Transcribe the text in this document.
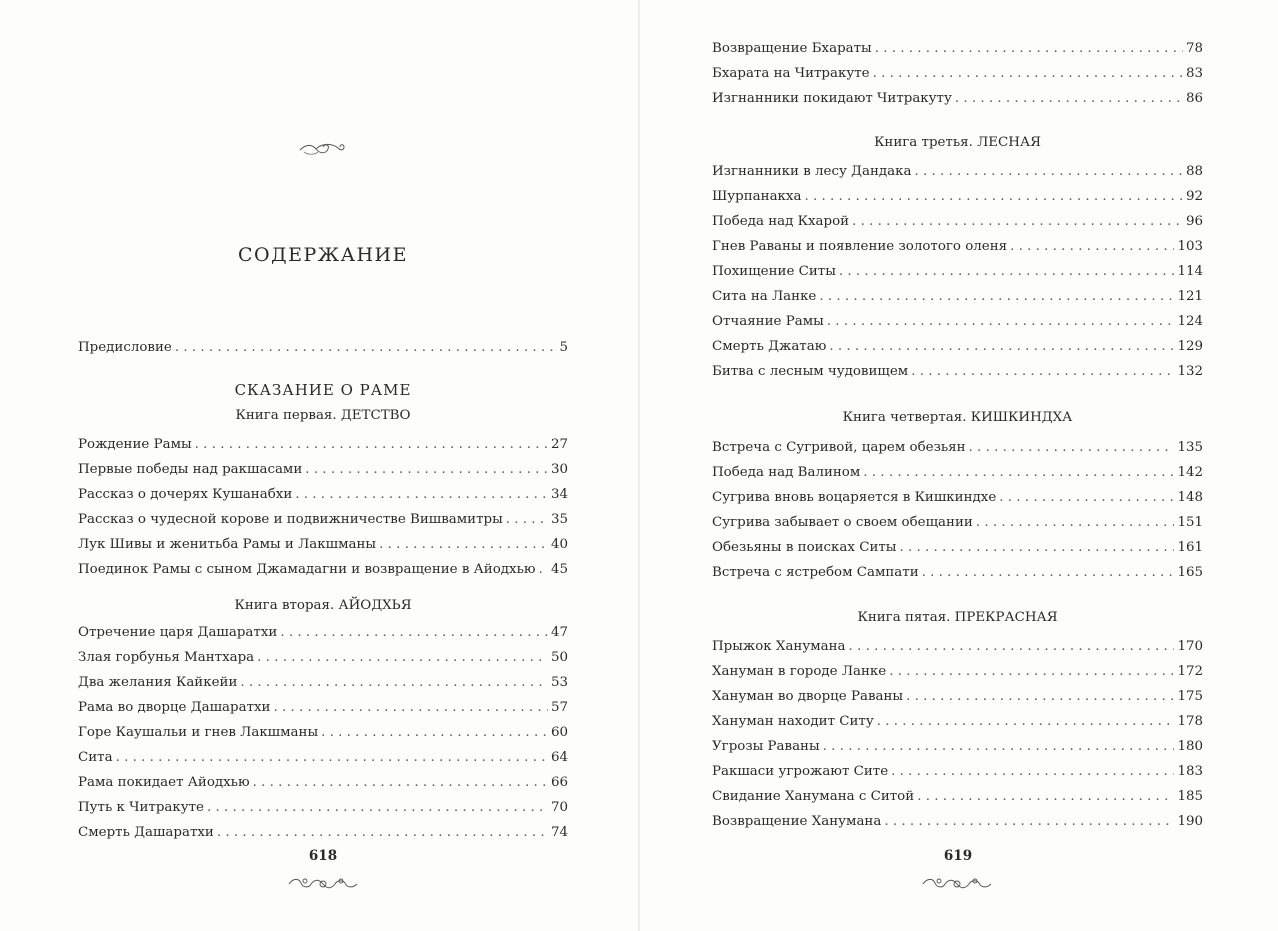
СОДЕРЖАНИЕ
Предисловие . . .	5
СКАЗАНИЕ О РАМЕ
Книга первая. ДЕТСТВО
Рождение Рамы . . .	27
Первые победы над ракшасами . . .	30
Рассказ о дочерях Кушанабхи . . .	34
Рассказ о чудесной корове и подвижничестве Вишвамитры . . .	35
Лук Шивы и женитьба Рамы и Лакшманы . . .	40
Поединок Рамы с сыном Джамадагни и возвращение в Айодхью . . . 45
Книга вторая. АЙОДХЬЯ
Отречение царя Дашаратхи . . .	47
Злая горбунья Мантхара . . .	50
Два желания Кайкейи . . .	53
Рама во дворце Дашаратхи . . .	57
Горе Каушальи и гнев Лакшманы . . .	60
Сита . . .	64
Рама покидает Айодхью . . .	66
Путь к Читракуте . . .	70
Смерть Дашаратхи . . .	74
618
Возвращение Бхараты . . .	78
Бхарата на Читракуте . . .	83
Изгнанники покидают Читракуту . . .	86
Книга третья. ЛЕСНАЯ
Изгнанники в лесу Дандака . . .	88
Шурпанакха . . .	92
Победа над Кхарой . . .	96
Гнев Раваны и появление золотого оленя . . .	103
Похищение Ситы . . .	114
Сита на Ланке . . .	121
Отчаяние Рамы . . .	124
Смерть Джатаю . . .	129
Битва с лесным чудовищем . . .	132
Книга четвертая. КИШКИНДХА
Встреча с Сугривой, царем обезьян . . .	135
Победа над Валином . . .	142
Сугрива вновь воцаряется в Кишкиндхе . . .	148
Сугрива забывает о своем обещании . . .	151
Обезьяны в поисках Ситы . . .	161
Встреча с ястребом Сампати . . .	165
Книга пятая. ПРЕКРАСНАЯ
Прыжок Ханумана . . .	170
Хануман в городе Ланке . . .	172
Хануман во дворце Раваны . . .	175
Хануман находит Ситу . . .	178
Угрозы Раваны . . .	180
Ракшаси угрожают Сите . . .	183
Свидание Ханумана с Ситой . . .	185
Возвращение Ханумана . . .	190
619
